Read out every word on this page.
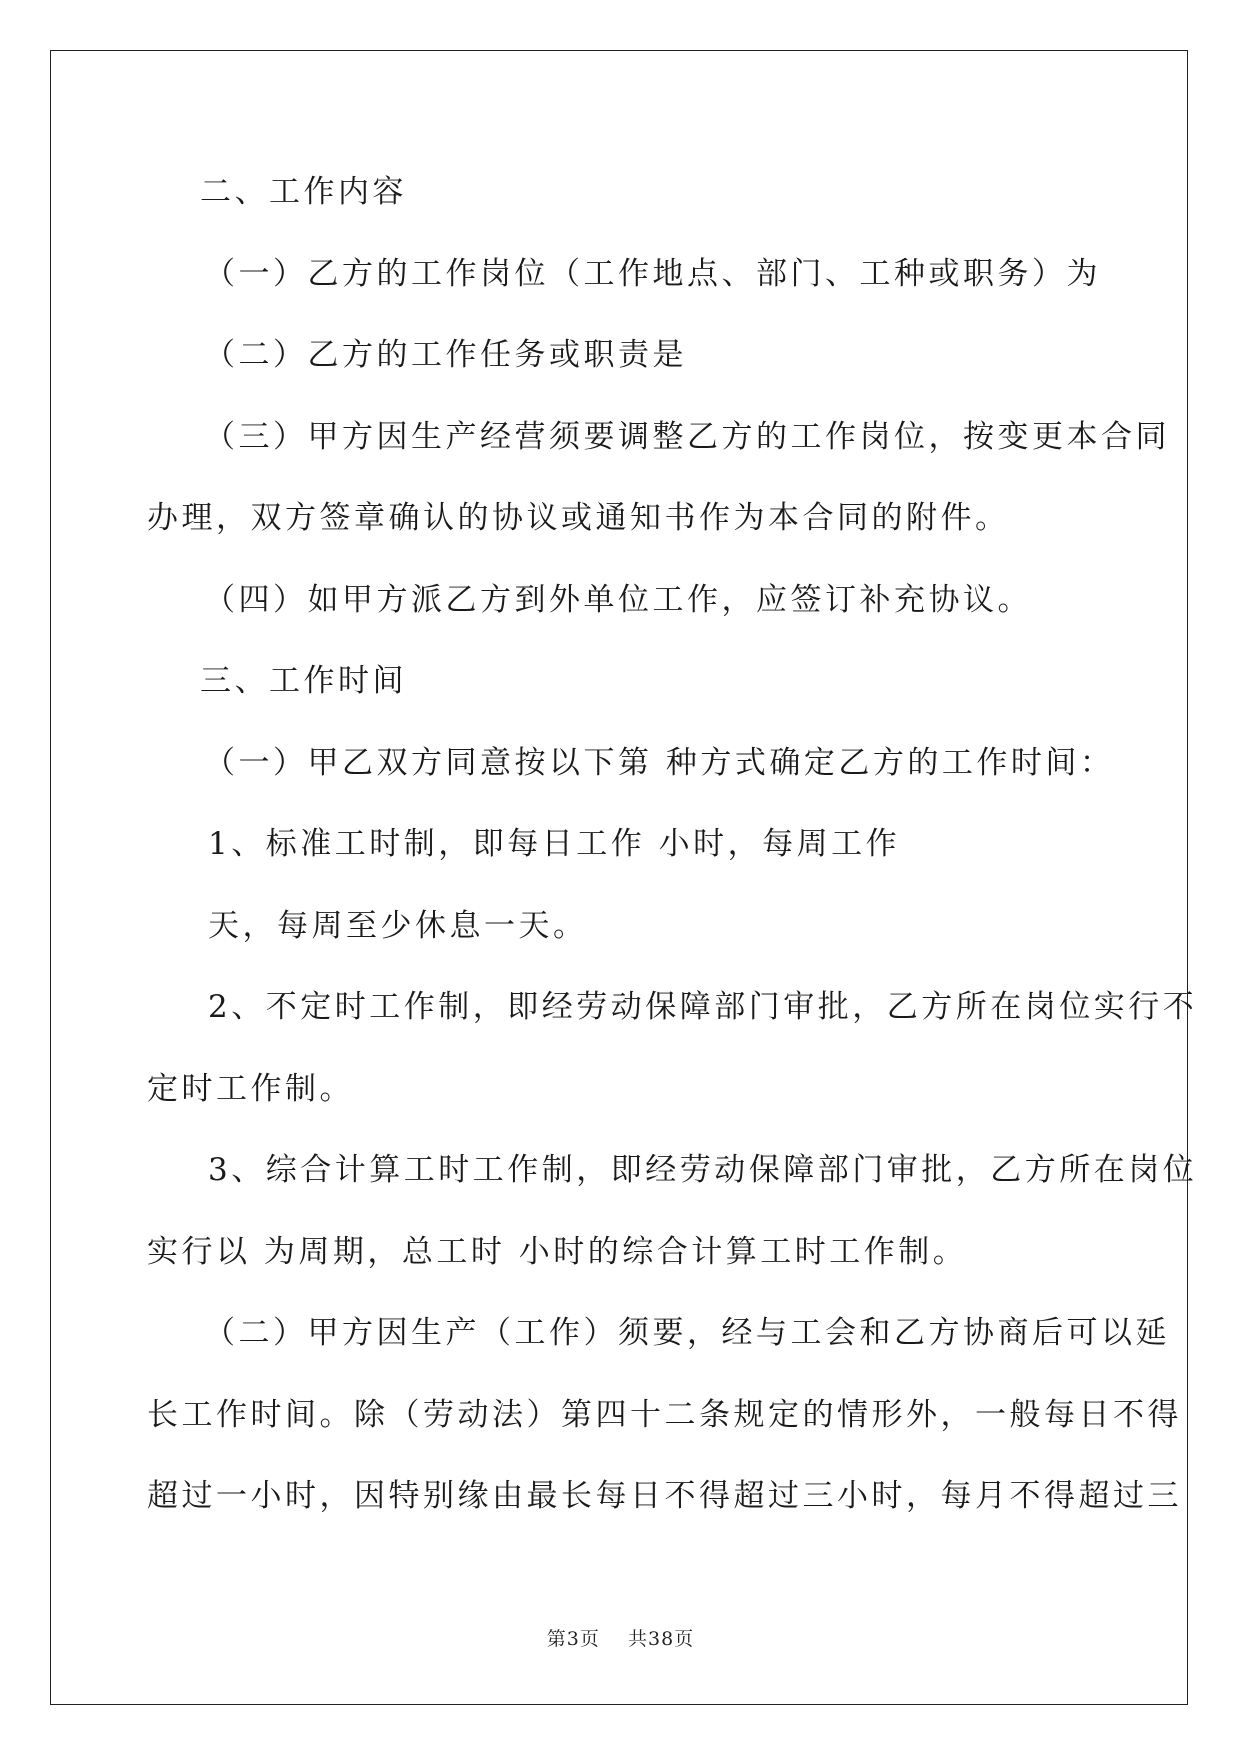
二、工作内容
（一）乙方的工作岗位（工作地点、部门、工种或职务）为
（二）乙方的工作任务或职责是
（三）甲方因生产经营须要调整乙方的工作岗位，按变更本合同
办理，双方签章确认的协议或通知书作为本合同的附件。
（四）如甲方派乙方到外单位工作，应签订补充协议。
三、工作时间
（一）甲乙双方同意按以下第 种方式确定乙方的工作时间：
1、标准工时制，即每日工作 小时，每周工作
天，每周至少休息一天。
2、不定时工作制，即经劳动保障部门审批，乙方所在岗位实行不
定时工作制。
3、综合计算工时工作制，即经劳动保障部门审批，乙方所在岗位
实行以 为周期，总工时 小时的综合计算工时工作制。
（二）甲方因生产（工作）须要，经与工会和乙方协商后可以延
长工作时间。除（劳动法）第四十二条规定的情形外，一般每日不得
超过一小时，因特别缘由最长每日不得超过三小时，每月不得超过三
第3页 共38页
